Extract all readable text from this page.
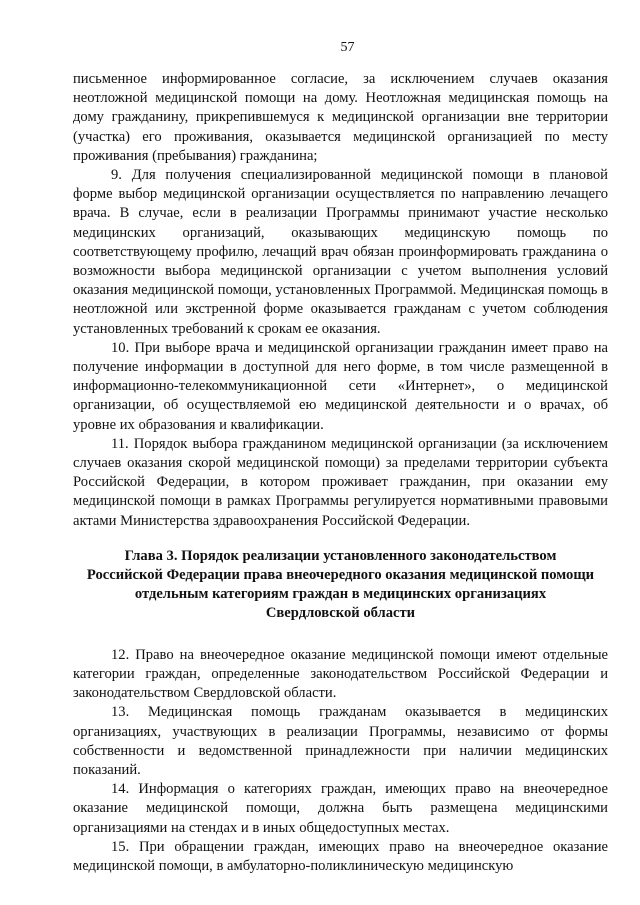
57

письменное информированное согласие, за исключением случаев оказания неотложной медицинской помощи на дому. Неотложная медицинская помощь на дому гражданину, прикрепившемуся к медицинской организации вне территории (участка) его проживания, оказывается медицинской организацией по месту проживания (пребывания) гражданина;

9. Для получения специализированной медицинской помощи в плановой форме выбор медицинской организации осуществляется по направлению лечащего врача. В случае, если в реализации Программы принимают участие несколько медицинских организаций, оказывающих медицинскую помощь по соответствующему профилю, лечащий врач обязан проинформировать гражданина о возможности выбора медицинской организации с учетом выполнения условий оказания медицинской помощи, установленных Программой. Медицинская помощь в неотложной или экстренной форме оказывается гражданам с учетом соблюдения установленных требований к срокам ее оказания.

10. При выборе врача и медицинской организации гражданин имеет право на получение информации в доступной для него форме, в том числе размещенной в информационно-телекоммуникационной сети «Интернет», о медицинской организации, об осуществляемой ею медицинской деятельности и о врачах, об уровне их образования и квалификации.

11. Порядок выбора гражданином медицинской организации (за исключением случаев оказания скорой медицинской помощи) за пределами территории субъекта Российской Федерации, в котором проживает гражданин, при оказании ему медицинской помощи в рамках Программы регулируется нормативными правовыми актами Министерства здравоохранения Российской Федерации.

Глава 3. Порядок реализации установленного законодательством
Российской Федерации права внеочередного оказания медицинской помощи
отдельным категориям граждан в медицинских организациях
Свердловской области

12. Право на внеочередное оказание медицинской помощи имеют отдельные категории граждан, определенные законодательством Российской Федерации и законодательством Свердловской области.

13. Медицинская помощь гражданам оказывается в медицинских организациях, участвующих в реализации Программы, независимо от формы собственности и ведомственной принадлежности при наличии медицинских показаний.

14. Информация о категориях граждан, имеющих право на внеочередное оказание медицинской помощи, должна быть размещена медицинскими организациями на стендах и в иных общедоступных местах.

15. При обращении граждан, имеющих право на внеочередное оказание медицинской помощи, в амбулаторно-поликлиническую медицинскую
